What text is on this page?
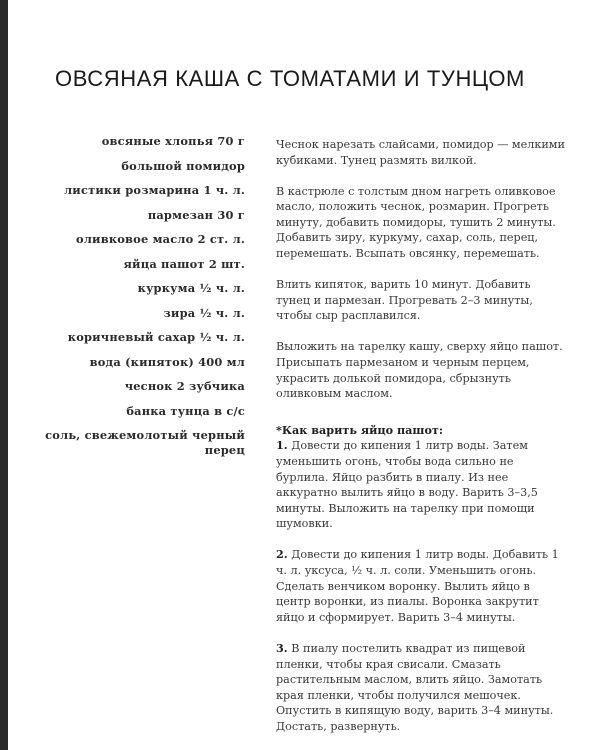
ОВСЯНАЯ КАША С ТОМАТАМИ И ТУНЦОМ
овсяные хлопья 70 г
большой помидор
листики розмарина 1 ч. л.
пармезан 30 г
оливковое масло 2 ст. л.
яйца пашот 2 шт.
куркума ½ ч. л.
зира ½ ч. л.
коричневый сахар ½ ч. л.
вода (кипяток) 400 мл
чеснок 2 зубчика
банка тунца в с/с
соль, свежемолотый черный перец

Чеснок нарезать слайсами, помидор — мелкими кубиками. Тунец размять вилкой.

В кастрюле с толстым дном нагреть оливковое масло, положить чеснок, розмарин. Прогреть минуту, добавить помидоры, тушить 2 минуты. Добавить зиру, куркуму, сахар, соль, перец, перемешать. Всыпать овсянку, перемешать.

Влить кипяток, варить 10 минут. Добавить тунец и пармезан. Прогревать 2–3 минуты, чтобы сыр расплавился.

Выложить на тарелку кашу, сверху яйцо пашот. Присыпать пармезаном и черным перцем, украсить долькой помидора, сбрызнуть оливковым маслом.

*Как варить яйцо пашот:
1. Довести до кипения 1 литр воды. Затем уменьшить огонь, чтобы вода сильно не бурлила. Яйцо разбить в пиалу. Из нее аккуратно вылить яйцо в воду. Варить 3–3,5 минуты. Выложить на тарелку при помощи шумовки.
2. Довести до кипения 1 литр воды. Добавить 1 ч. л. уксуса, ½ ч. л. соли. Уменьшить огонь. Сделать венчиком воронку. Вылить яйцо в центр воронки, из пиалы. Воронка закрутит яйцо и сформирует. Варить 3–4 минуты.
3. В пиалу постелить квадрат из пищевой пленки, чтобы края свисали. Смазать растительным маслом, влить яйцо. Замотать края пленки, чтобы получился мешочек. Опустить в кипящую воду, варить 3–4 минуты. Достать, развернуть.
